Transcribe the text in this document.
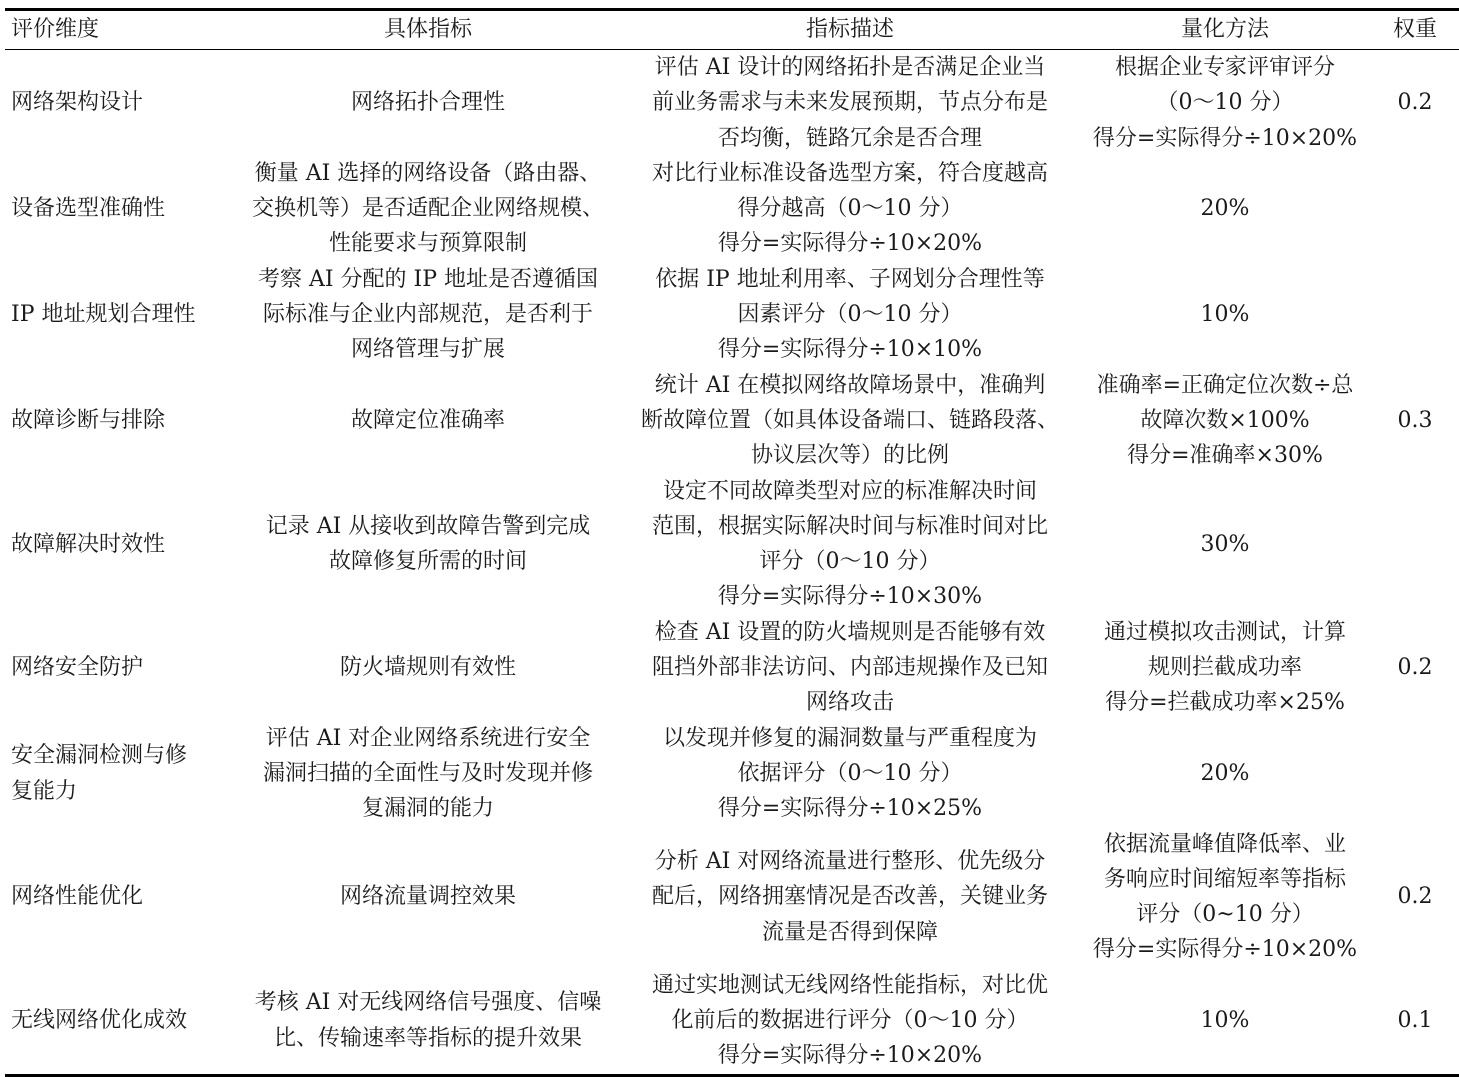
评价维度	具体指标	指标描述	量化方法	权重

网络架构设计	网络拓扑合理性	评估 AI 设计的网络拓扑是否满足企业当
前业务需求与未来发展预期，节点分布是
否均衡，链路冗余是否合理	根据企业专家评审评分
（0～10 分）
得分=实际得分÷10×20%	0.2

设备选型准确性	衡量 AI 选择的网络设备（路由器、
交换机等）是否适配企业网络规模、
性能要求与预算限制	对比行业标准设备选型方案，符合度越高
得分越高（0～10 分）
得分=实际得分÷10×20%	20%	

IP 地址规划合理性	考察 AI 分配的 IP 地址是否遵循国
际标准与企业内部规范，是否利于
网络管理与扩展	依据 IP 地址利用率、子网划分合理性等
因素评分（0～10 分）
得分=实际得分÷10×10%	10%	

故障诊断与排除	故障定位准确率	统计 AI 在模拟网络故障场景中，准确判
断故障位置（如具体设备端口、链路段落、
协议层次等）的比例	准确率=正确定位次数÷总
故障次数×100%
得分=准确率×30%	0.3

故障解决时效性	记录 AI 从接收到故障告警到完成
故障修复所需的时间	设定不同故障类型对应的标准解决时间
范围，根据实际解决时间与标准时间对比
评分（0～10 分）
得分=实际得分÷10×30%	30%	

网络安全防护	防火墙规则有效性	检查 AI 设置的防火墙规则是否能够有效
阻挡外部非法访问、内部违规操作及已知
网络攻击	通过模拟攻击测试，计算
规则拦截成功率
得分=拦截成功率×25%	0.2

安全漏洞检测与修
复能力	评估 AI 对企业网络系统进行安全
漏洞扫描的全面性与及时发现并修
复漏洞的能力	以发现并修复的漏洞数量与严重程度为
依据评分（0～10 分）
得分=实际得分÷10×25%	20%	

网络性能优化	网络流量调控效果	分析 AI 对网络流量进行整形、优先级分
配后，网络拥塞情况是否改善，关键业务
流量是否得到保障	依据流量峰值降低率、业
务响应时间缩短率等指标
评分（0~10 分）
得分=实际得分÷10×20%	0.2

无线网络优化成效	考核 AI 对无线网络信号强度、信噪
比、传输速率等指标的提升效果	通过实地测试无线网络性能指标，对比优
化前后的数据进行评分（0～10 分）
得分=实际得分÷10×20%	10%	0.1
